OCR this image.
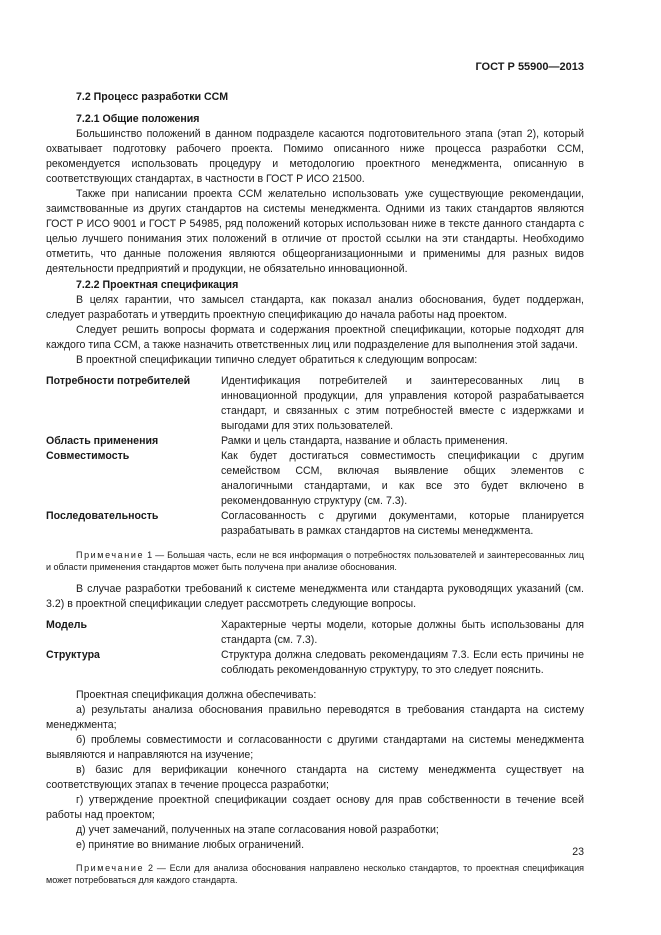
ГОСТ Р 55900—2013
7.2 Процесс разработки ССМ
7.2.1 Общие положения

Большинство положений в данном подразделе касаются подготовительного этапа (этап 2), который охватывает подготовку рабочего проекта. Помимо описанного ниже процесса разработки ССМ, рекомендуется использовать процедуру и методологию проектного менеджмента, описанную в соответствующих стандартах, в частности в ГОСТ Р ИСО 21500.

Также при написании проекта ССМ желательно использовать уже существующие рекомендации, заимствованные из других стандартов на системы менеджмента. Одними из таких стандартов являются ГОСТ Р ИСО 9001 и ГОСТ Р 54985, ряд положений которых использован ниже в тексте данного стандарта с целью лучшего понимания этих положений в отличие от простой ссылки на эти стандарты. Необходимо отметить, что данные положения являются общеорганизационными и применимы для разных видов деятельности предприятий и продукции, не обязательно инновационной.

7.2.2 Проектная спецификация

В целях гарантии, что замысел стандарта, как показал анализ обоснования, будет поддержан, следует разработать и утвердить проектную спецификацию до начала работы над проектом.

Следует решить вопросы формата и содержания проектной спецификации, которые подходят для каждого типа ССМ, а также назначить ответственных лиц или подразделение для выполнения этой задачи.

В проектной спецификации типично следует обратиться к следующим вопросам:

Потребности потребителей	Идентификация потребителей и заинтересованных лиц в инновационной продукции, для управления которой разрабатывается стандарт, и связанных с этим потребностей вместе с издержками и выгодами для этих пользователей.
Область применения	Рамки и цель стандарта, название и область применения.
Совместимость	Как будет достигаться совместимость спецификации с другим семейством ССМ, включая выявление общих элементов с аналогичными стандартами, и как все это будет включено в рекомендованную структуру (см. 7.3).
Последовательность	Согласованность с другими документами, которые планируется разрабатывать в рамках стандартов на системы менеджмента.
Примечание 1 — Большая часть, если не вся информация о потребностях пользователей и заинтересованных лиц и области применения стандартов может быть получена при анализе обоснования.

В случае разработки требований к системе менеджмента или стандарта руководящих указаний (см. 3.2) в проектной спецификации следует рассмотреть следующие вопросы.

Модель	Характерные черты модели, которые должны быть использованы для стандарта (см. 7.3).
Структура	Структура должна следовать рекомендациям 7.3. Если есть причины не соблюдать рекомендованную структуру, то это следует пояснить.

Проектная спецификация должна обеспечивать:

а) результаты анализа обоснования правильно переводятся в требования стандарта на систему менеджмента;

б) проблемы совместимости и согласованности с другими стандартами на системы менеджмента выявляются и направляются на изучение;

в) базис для верификации конечного стандарта на систему менеджмента существует на соответствующих этапах в течение процесса разработки;

г) утверждение проектной спецификации создает основу для прав собственности в течение всей работы над проектом;

д) учет замечаний, полученных на этапе согласования новой разработки;

е) принятие во внимание любых ограничений.

Примечание 2 — Если для анализа обоснования направлено несколько стандартов, то проектная спецификация может потребоваться для каждого стандарта.
23
